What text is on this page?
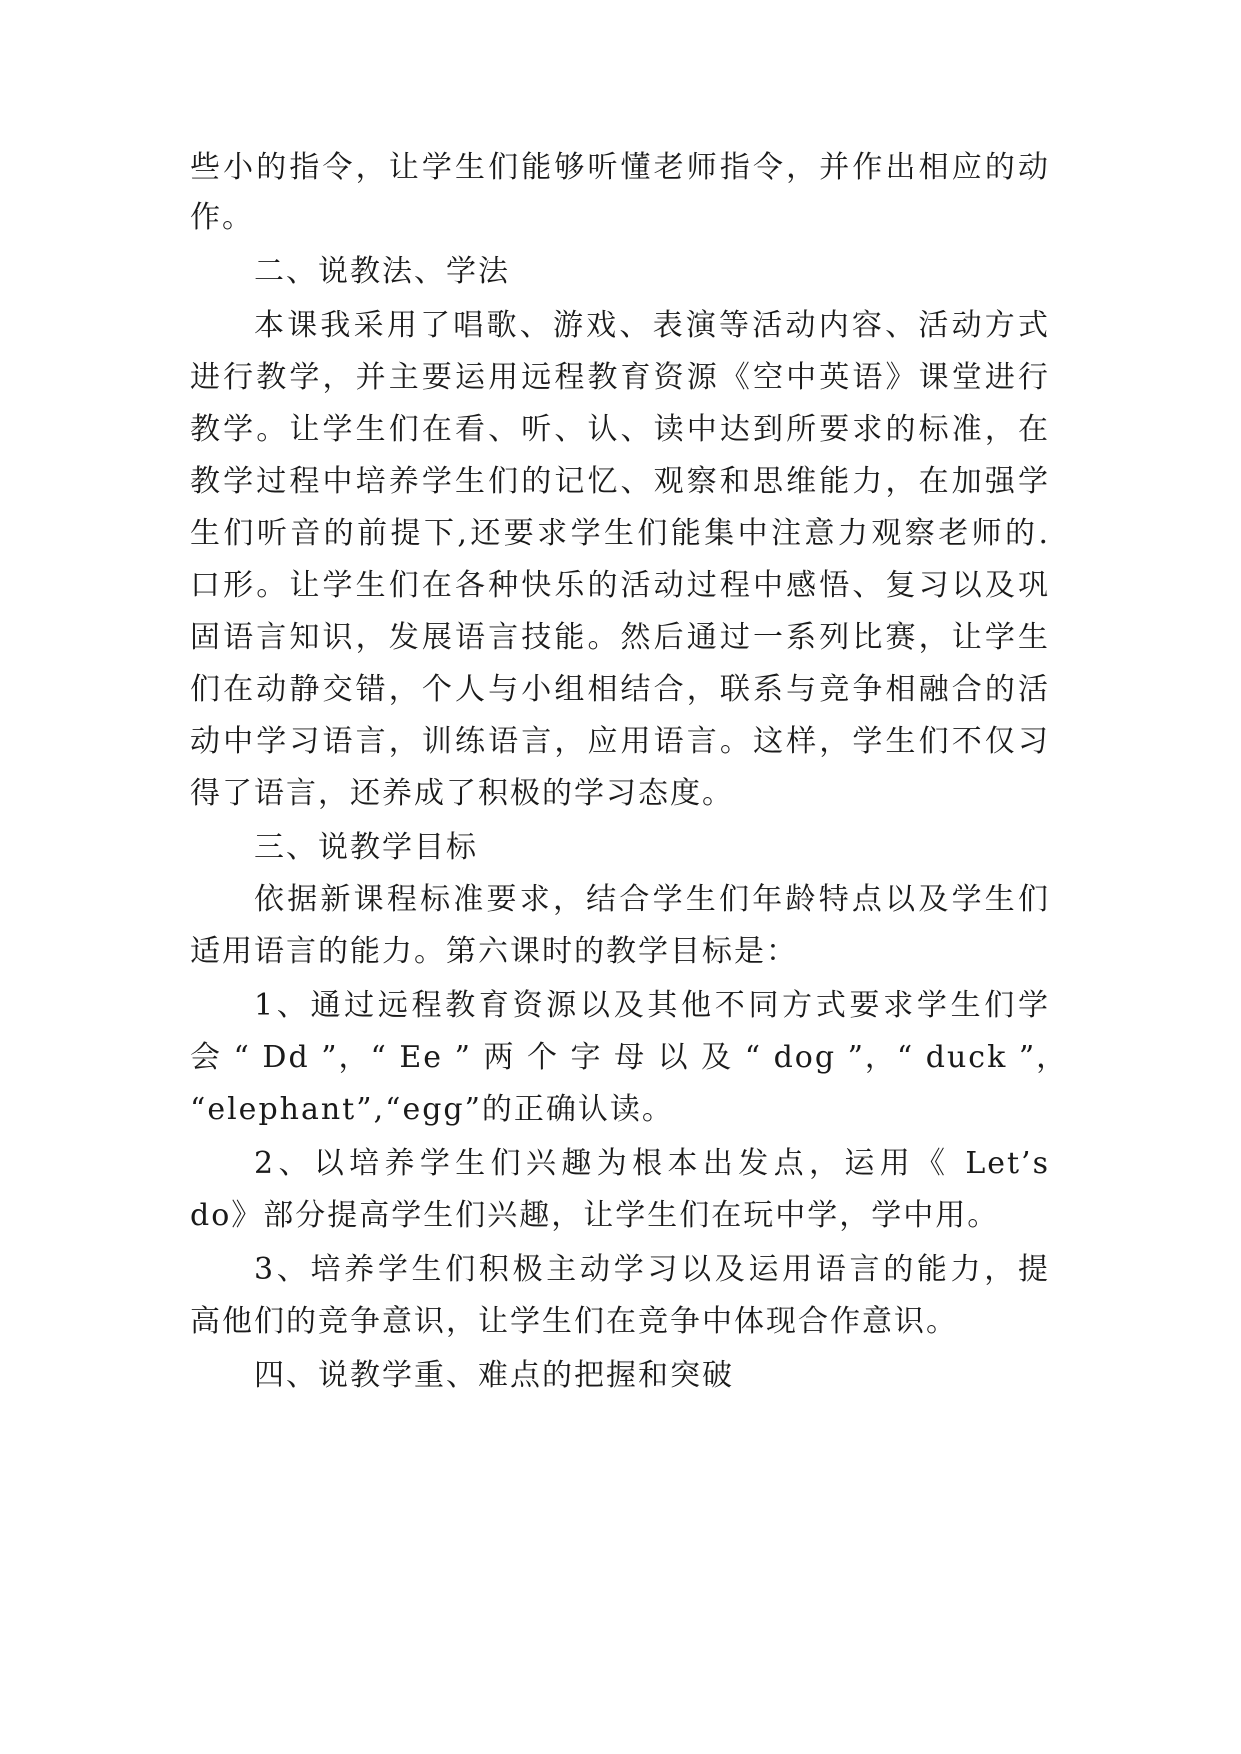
些小的指令，让学生们能够听懂老师指令，并作出相应的动
作。
二、说教法、学法
本课我采用了唱歌、游戏、表演等活动内容、活动方式
进行教学，并主要运用远程教育资源《空中英语》课堂进行
教学。让学生们在看、听、认、读中达到所要求的标准，在
教学过程中培养学生们的记忆、观察和思维能力，在加强学
生们听音的前提下,还要求学生们能集中注意力观察老师的.
口形。让学生们在各种快乐的活动过程中感悟、复习以及巩
固语言知识，发展语言技能。然后通过一系列比赛，让学生
们在动静交错，个人与小组相结合，联系与竞争相融合的活
动中学习语言，训练语言，应用语言。这样，学生们不仅习
得了语言，还养成了积极的学习态度。
三、说教学目标
依据新课程标准要求，结合学生们年龄特点以及学生们
适用语言的能力。第六课时的教学目标是：
1、通过远程教育资源以及其他不同方式要求学生们学
会 “ Dd ”，“ Ee ” 两 个 字 母 以 及 “ dog ”，“ duck ”，
“elephant”,“egg”的正确认读。
2、以培养学生们兴趣为根本出发点，运用《 Let’s
do》部分提高学生们兴趣，让学生们在玩中学，学中用。
3、培养学生们积极主动学习以及运用语言的能力，提
高他们的竞争意识，让学生们在竞争中体现合作意识。
四、说教学重、难点的把握和突破
